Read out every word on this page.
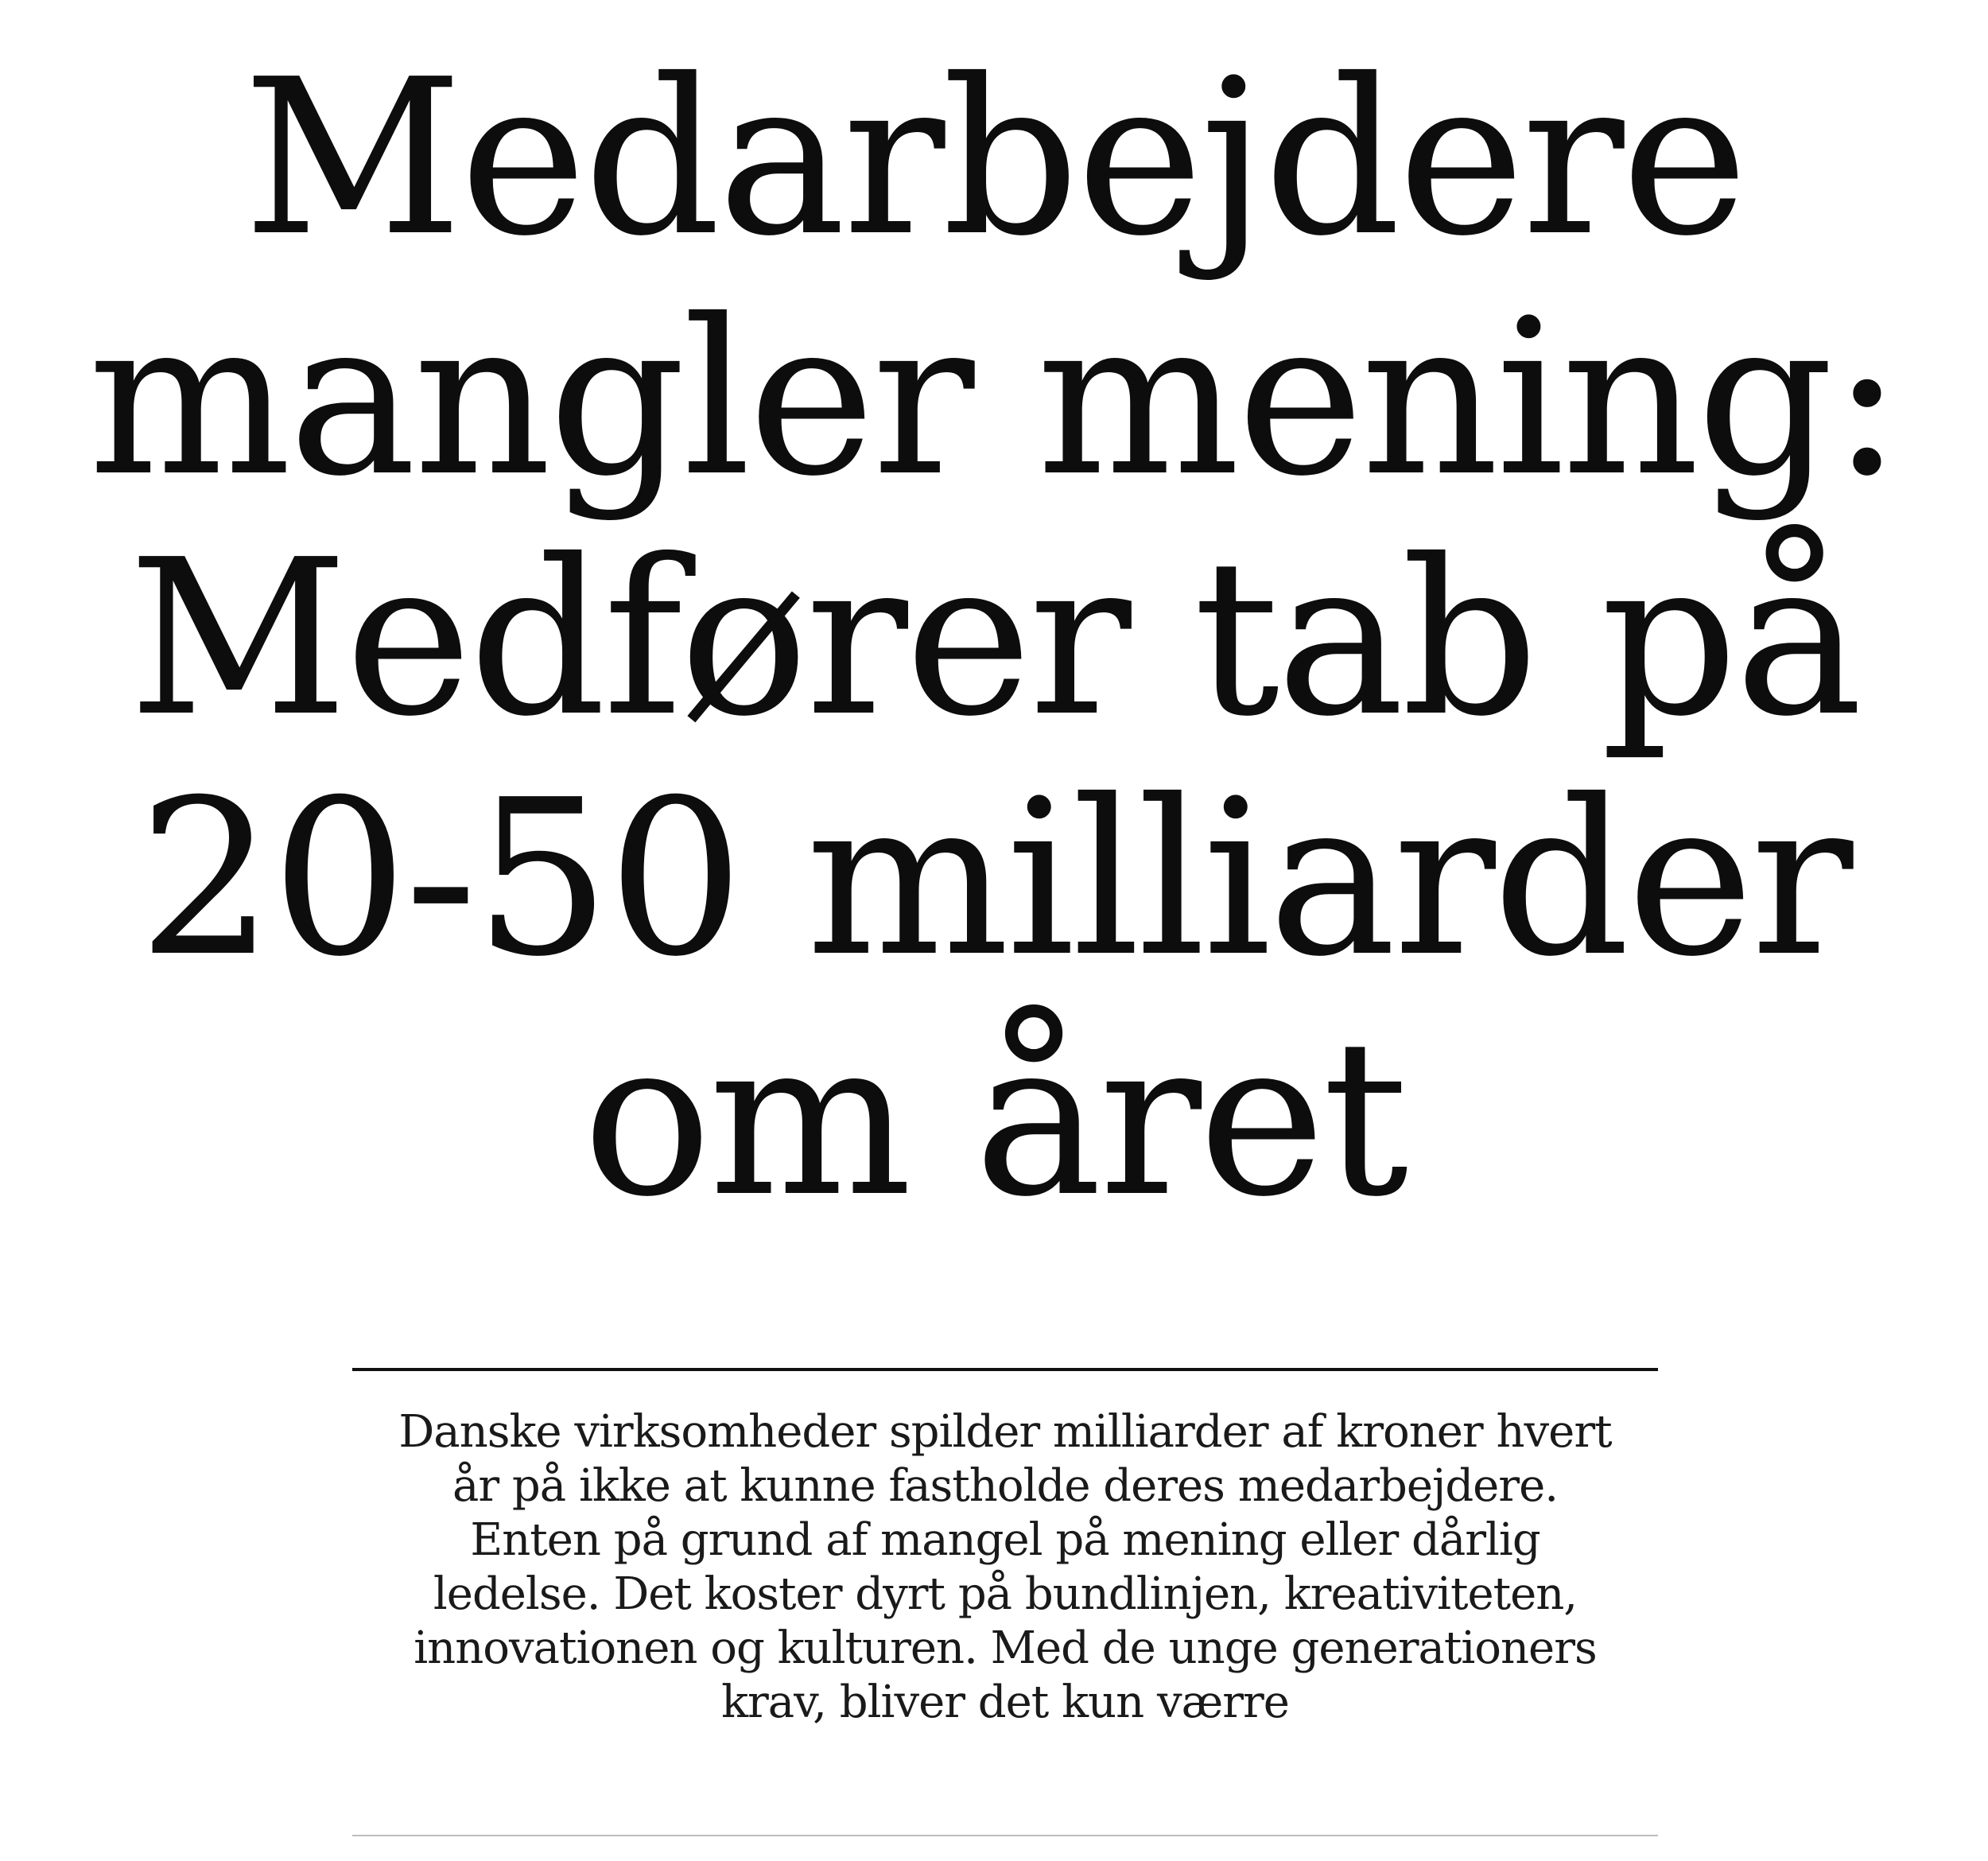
Medarbejdere
mangler mening:
Medfører tab på
20-50 milliarder
om året

Danske virksomheder spilder milliarder af kroner hvert
år på ikke at kunne fastholde deres medarbejdere.
Enten på grund af mangel på mening eller dårlig
ledelse. Det koster dyrt på bundlinjen, kreativiteten,
innovationen og kulturen. Med de unge generationers
krav, bliver det kun værre
